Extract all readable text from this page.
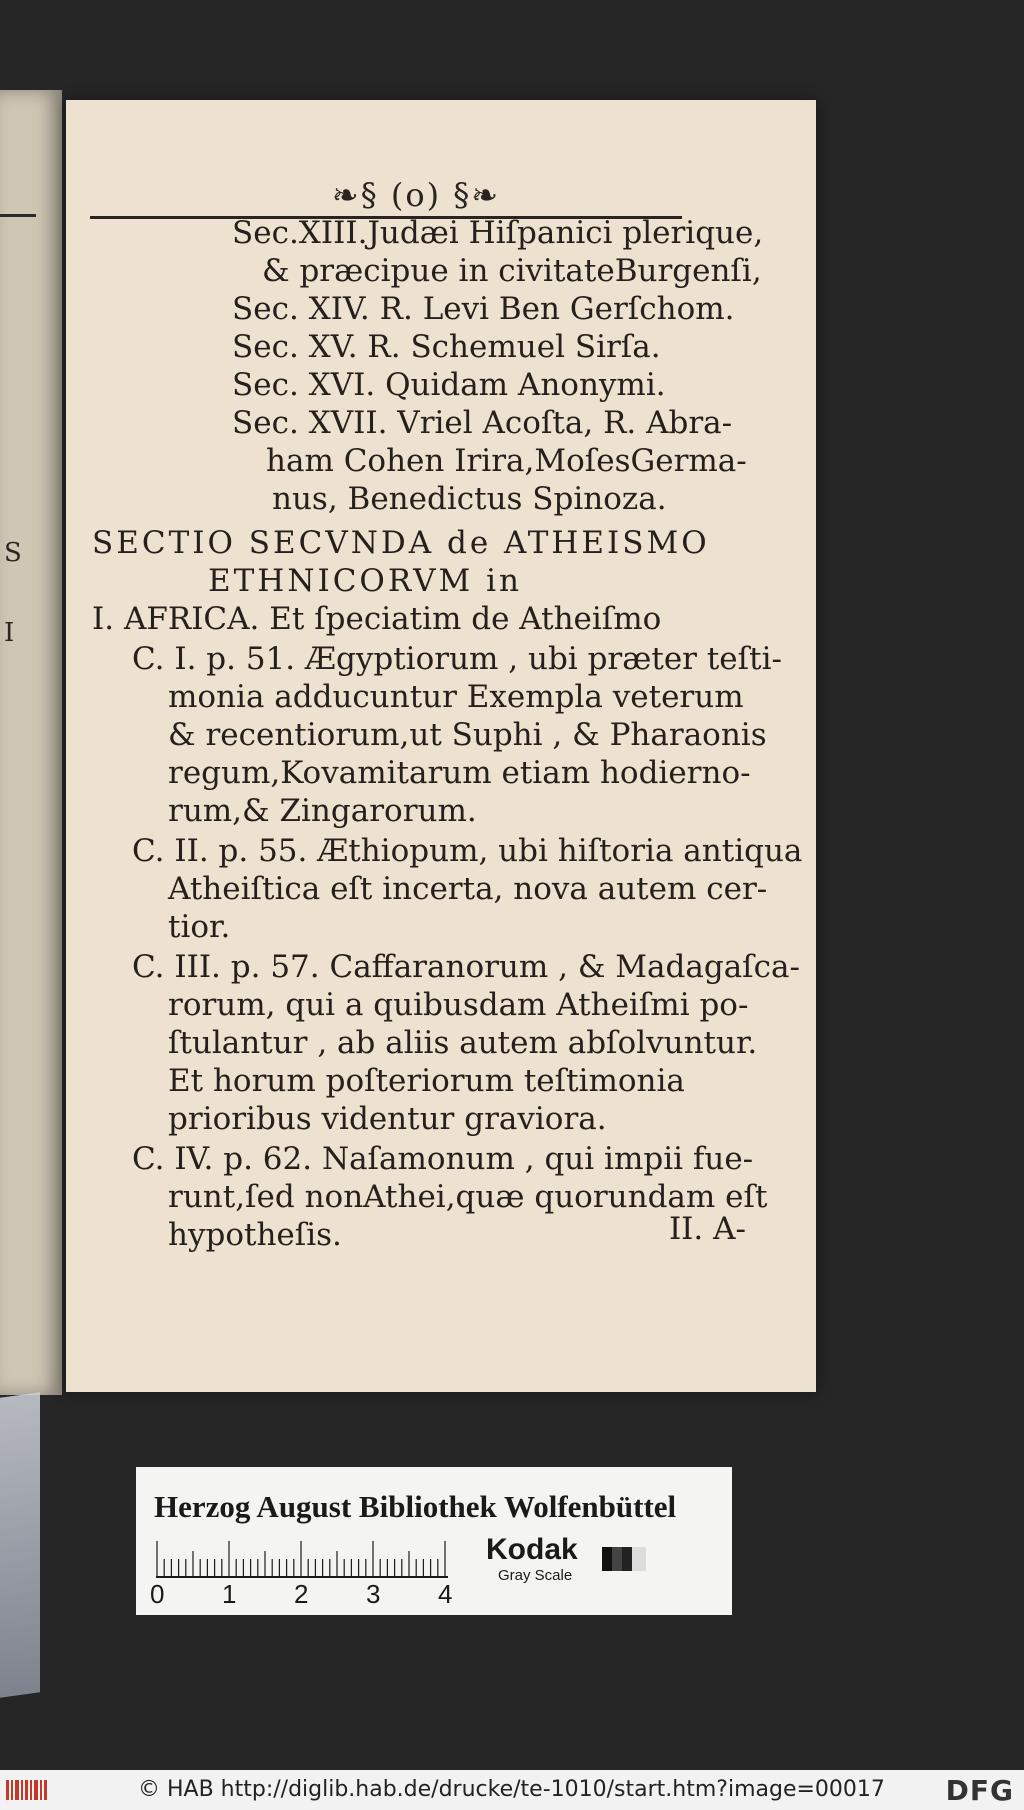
S
I
❧§ (o) §❧
Sec.XIII.Judæi Hiſpanici plerique,
& præcipue in civitateBurgenſi,
Sec. XIV. R. Levi Ben Gerſchom.
Sec. XV. R. Schemuel Sirſa.
Sec. XVI. Quidam Anonymi.
Sec. XVII. Vriel Acoſta, R. Abra-
ham Cohen Irira,MoſesGerma-
nus, Benedictus Spinoza.
SECTIO SECVNDA de ATHEISMO
ETHNICORVM in
I. AFRICA. Et ſpeciatim de Atheiſmo
C. I. p. 51. Ægyptiorum , ubi præter teſti-
monia adducuntur Exempla veterum
& recentiorum,ut Suphi , & Pharaonis
regum,Kovamitarum etiam hodierno-
rum,& Zingarorum.
C. II. p. 55. Æthiopum, ubi hiſtoria antiqua
Atheiſtica eſt incerta, nova autem cer-
tior.
C. III. p. 57. Caffaranorum , & Madagaſca-
rorum, qui a quibusdam Atheiſmi po-
ſtulantur , ab aliis autem abſolvuntur.
Et horum poſteriorum teſtimonia
prioribus videntur graviora.
C. IV. p. 62. Naſamonum , qui impii fue-
runt,ſed nonAthei,quæ quorundam eſt
hypotheſis.	II. A-
Herzog August Bibliothek Wolfenbüttel
0 1 2 3 4
Kodak
Gray Scale
© HAB http://diglib.hab.de/drucke/te-1010/start.htm?image=00017 DFG
